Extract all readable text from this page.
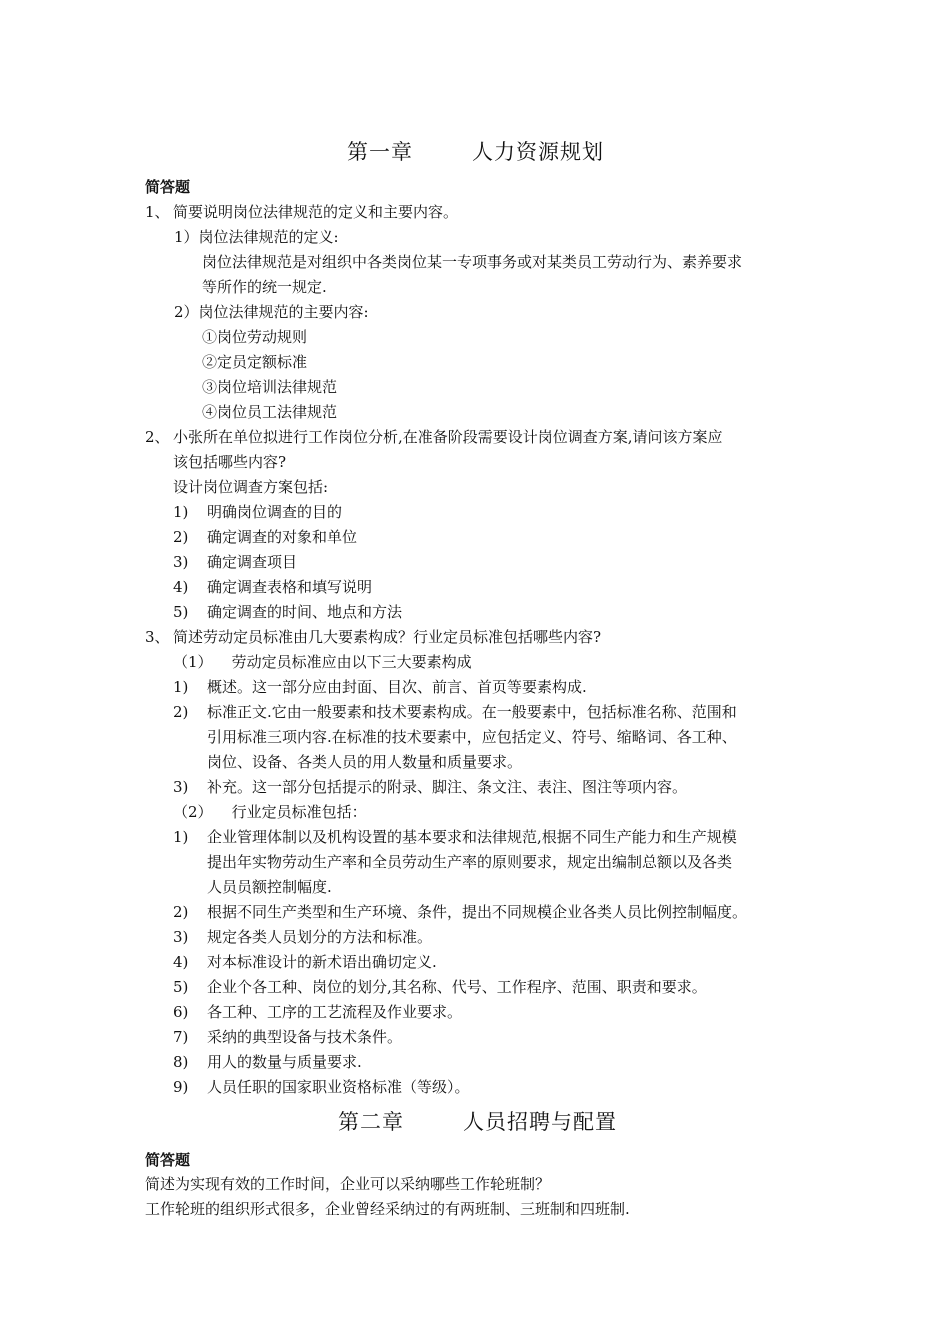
第一章	人力资源规划
简答题
1、 简要说明岗位法律规范的定义和主要内容。
1）岗位法律规范的定义:
岗位法律规范是对组织中各类岗位某一专项事务或对某类员工劳动行为、素养要求
等所作的统一规定.
2）岗位法律规范的主要内容:
①岗位劳动规则
②定员定额标准
③岗位培训法律规范
④岗位员工法律规范
2、 小张所在单位拟进行工作岗位分析,在准备阶段需要设计岗位调查方案,请问该方案应
该包括哪些内容?
设计岗位调查方案包括:
1) 明确岗位调查的目的
2) 确定调查的对象和单位
3) 确定调查项目
4) 确定调查表格和填写说明
5) 确定调查的时间、地点和方法
3、 简述劳动定员标准由几大要素构成？行业定员标准包括哪些内容?
（1）    劳动定员标准应由以下三大要素构成
1) 概述。这一部分应由封面、目次、前言、首页等要素构成.
2) 标准正文.它由一般要素和技术要素构成。在一般要素中，包括标准名称、范围和
引用标准三项内容.在标准的技术要素中，应包括定义、符号、缩略词、各工种、
岗位、设备、各类人员的用人数量和质量要求。
3) 补充。这一部分包括提示的附录、脚注、条文注、表注、图注等项内容。
（2）    行业定员标准包括：
1) 企业管理体制以及机构设置的基本要求和法律规范,根据不同生产能力和生产规模
提出年实物劳动生产率和全员劳动生产率的原则要求，规定出编制总额以及各类
人员员额控制幅度.
2) 根据不同生产类型和生产环境、条件，提出不同规模企业各类人员比例控制幅度。
3) 规定各类人员划分的方法和标准。
4) 对本标准设计的新术语出确切定义.
5) 企业个各工种、岗位的划分,其名称、代号、工作程序、范围、职责和要求。
6) 各工种、工序的工艺流程及作业要求。
7) 采纳的典型设备与技术条件。
8) 用人的数量与质量要求.
9) 人员任职的国家职业资格标准（等级）。
第二章	人员招聘与配置
简答题
简述为实现有效的工作时间，企业可以采纳哪些工作轮班制？
工作轮班的组织形式很多，企业曾经采纳过的有两班制、三班制和四班制.
